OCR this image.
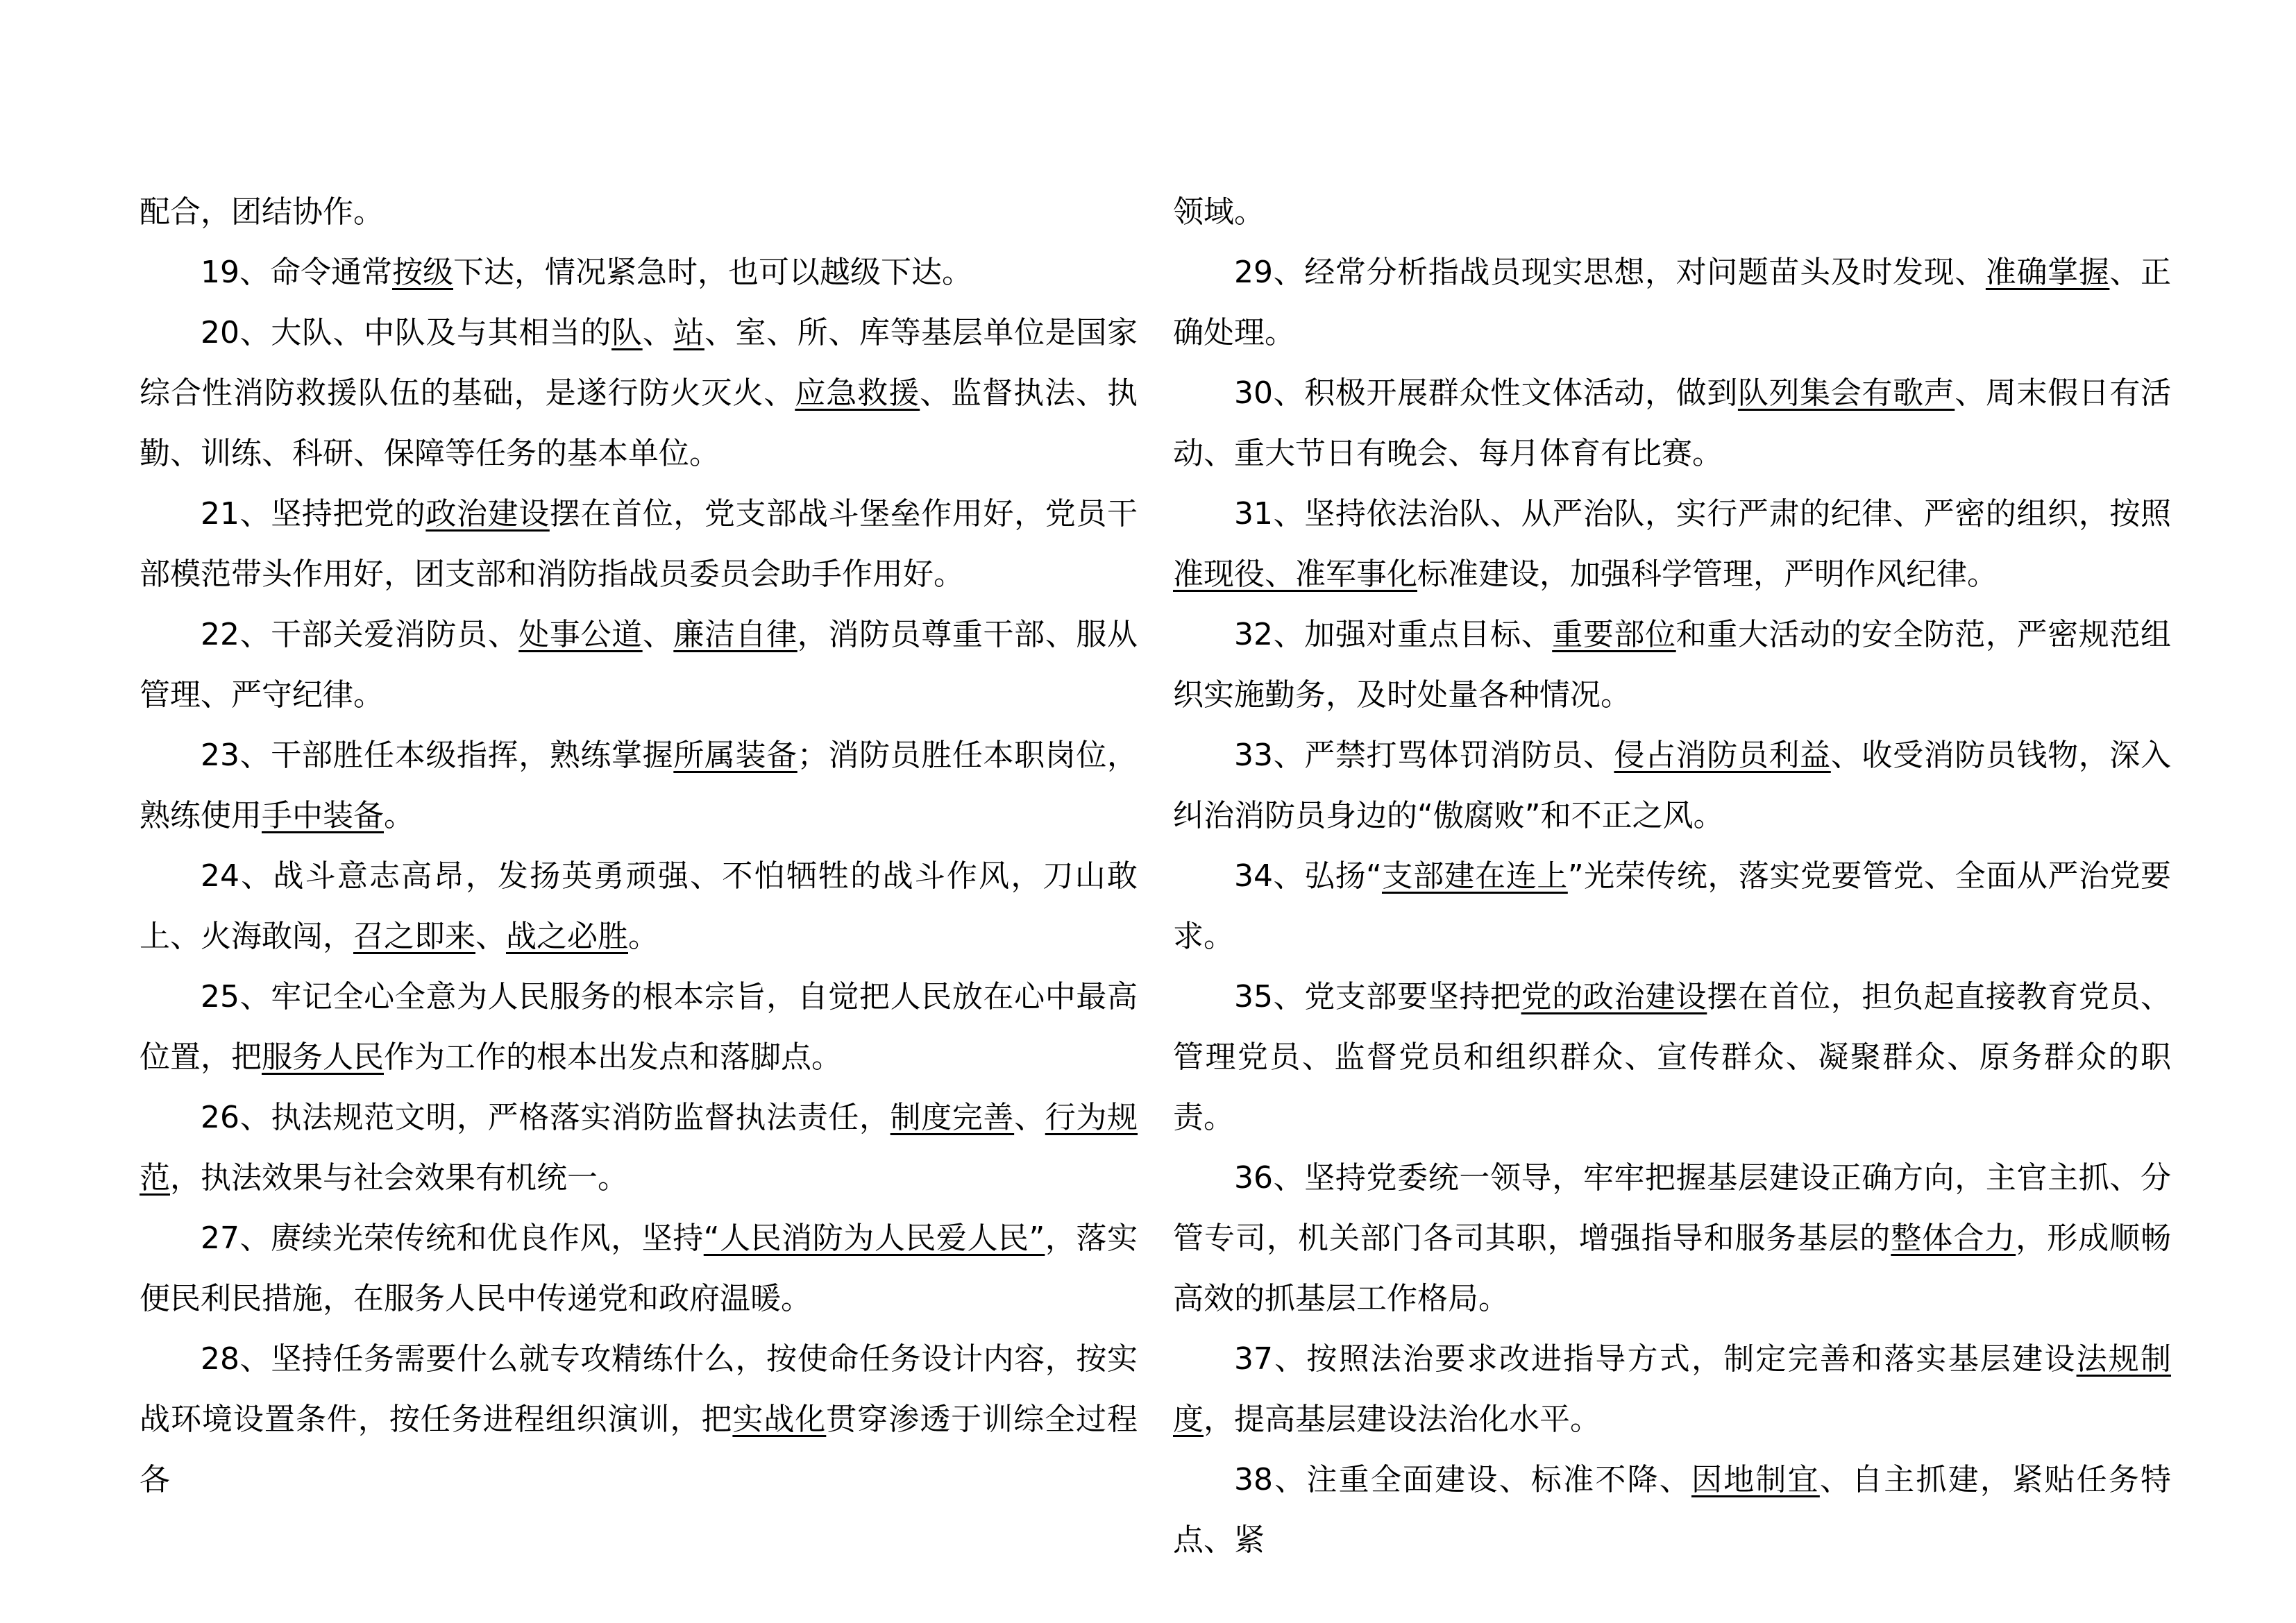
配合，团结协作。

19、命令通常按级下达，情况紧急时，也可以越级下达。

20、大队、中队及与其相当的队、站、室、所、库等基层单位是国家综合性消防救援队伍的基础，是遂行防火灭火、应急救援、监督执法、执勤、训练、科研、保障等任务的基本单位。

21、坚持把党的政治建设摆在首位，党支部战斗堡垒作用好，党员干部模范带头作用好，团支部和消防指战员委员会助手作用好。

22、干部关爱消防员、处事公道、廉洁自律，消防员尊重干部、服从管理、严守纪律。

23、干部胜任本级指挥，熟练掌握所属装备；消防员胜任本职岗位，熟练使用手中装备。

24、战斗意志高昂，发扬英勇顽强、不怕牺牲的战斗作风，刀山敢上、火海敢闯，召之即来、战之必胜。

25、牢记全心全意为人民服务的根本宗旨，自觉把人民放在心中最高位置，把服务人民作为工作的根本出发点和落脚点。

26、执法规范文明，严格落实消防监督执法责任，制度完善、行为规范，执法效果与社会效果有机统一。

27、赓续光荣传统和优良作风，坚持“人民消防为人民爱人民”，落实便民利民措施，在服务人民中传递党和政府温暖。

28、坚持任务需要什么就专攻精练什么，按使命任务设计内容，按实战环境设置条件，按任务进程组织演训，把实战化贯穿渗透于训综全过程各

领域。

29、经常分析指战员现实思想，对问题苗头及时发现、准确掌握、正确处理。

30、积极开展群众性文体活动，做到队列集会有歌声、周末假日有活动、重大节日有晚会、每月体育有比赛。

31、坚持依法治队、从严治队，实行严肃的纪律、严密的组织，按照准现役、准军事化标准建设，加强科学管理，严明作风纪律。

32、加强对重点目标、重要部位和重大活动的安全防范，严密规范组织实施勤务，及时处量各种情况。

33、严禁打骂体罚消防员、侵占消防员利益、收受消防员钱物，深入纠治消防员身边的“傲腐败”和不正之风。

34、弘扬“支部建在连上”光荣传统，落实党要管党、全面从严治党要求。

35、党支部要坚持把党的政治建设摆在首位，担负起直接教育党员、管理党员、监督党员和组织群众、宣传群众、凝聚群众、原务群众的职责。

36、坚持党委统一领导，牢牢把握基层建设正确方向，主官主抓、分管专司，机关部门各司其职，增强指导和服务基层的整体合力，形成顺畅高效的抓基层工作格局。

37、按照法治要求改进指导方式，制定完善和落实基层建设法规制度，提高基层建设法治化水平。

38、注重全面建设、标准不降、因地制宜、自主抓建，紧贴任务特点、紧
